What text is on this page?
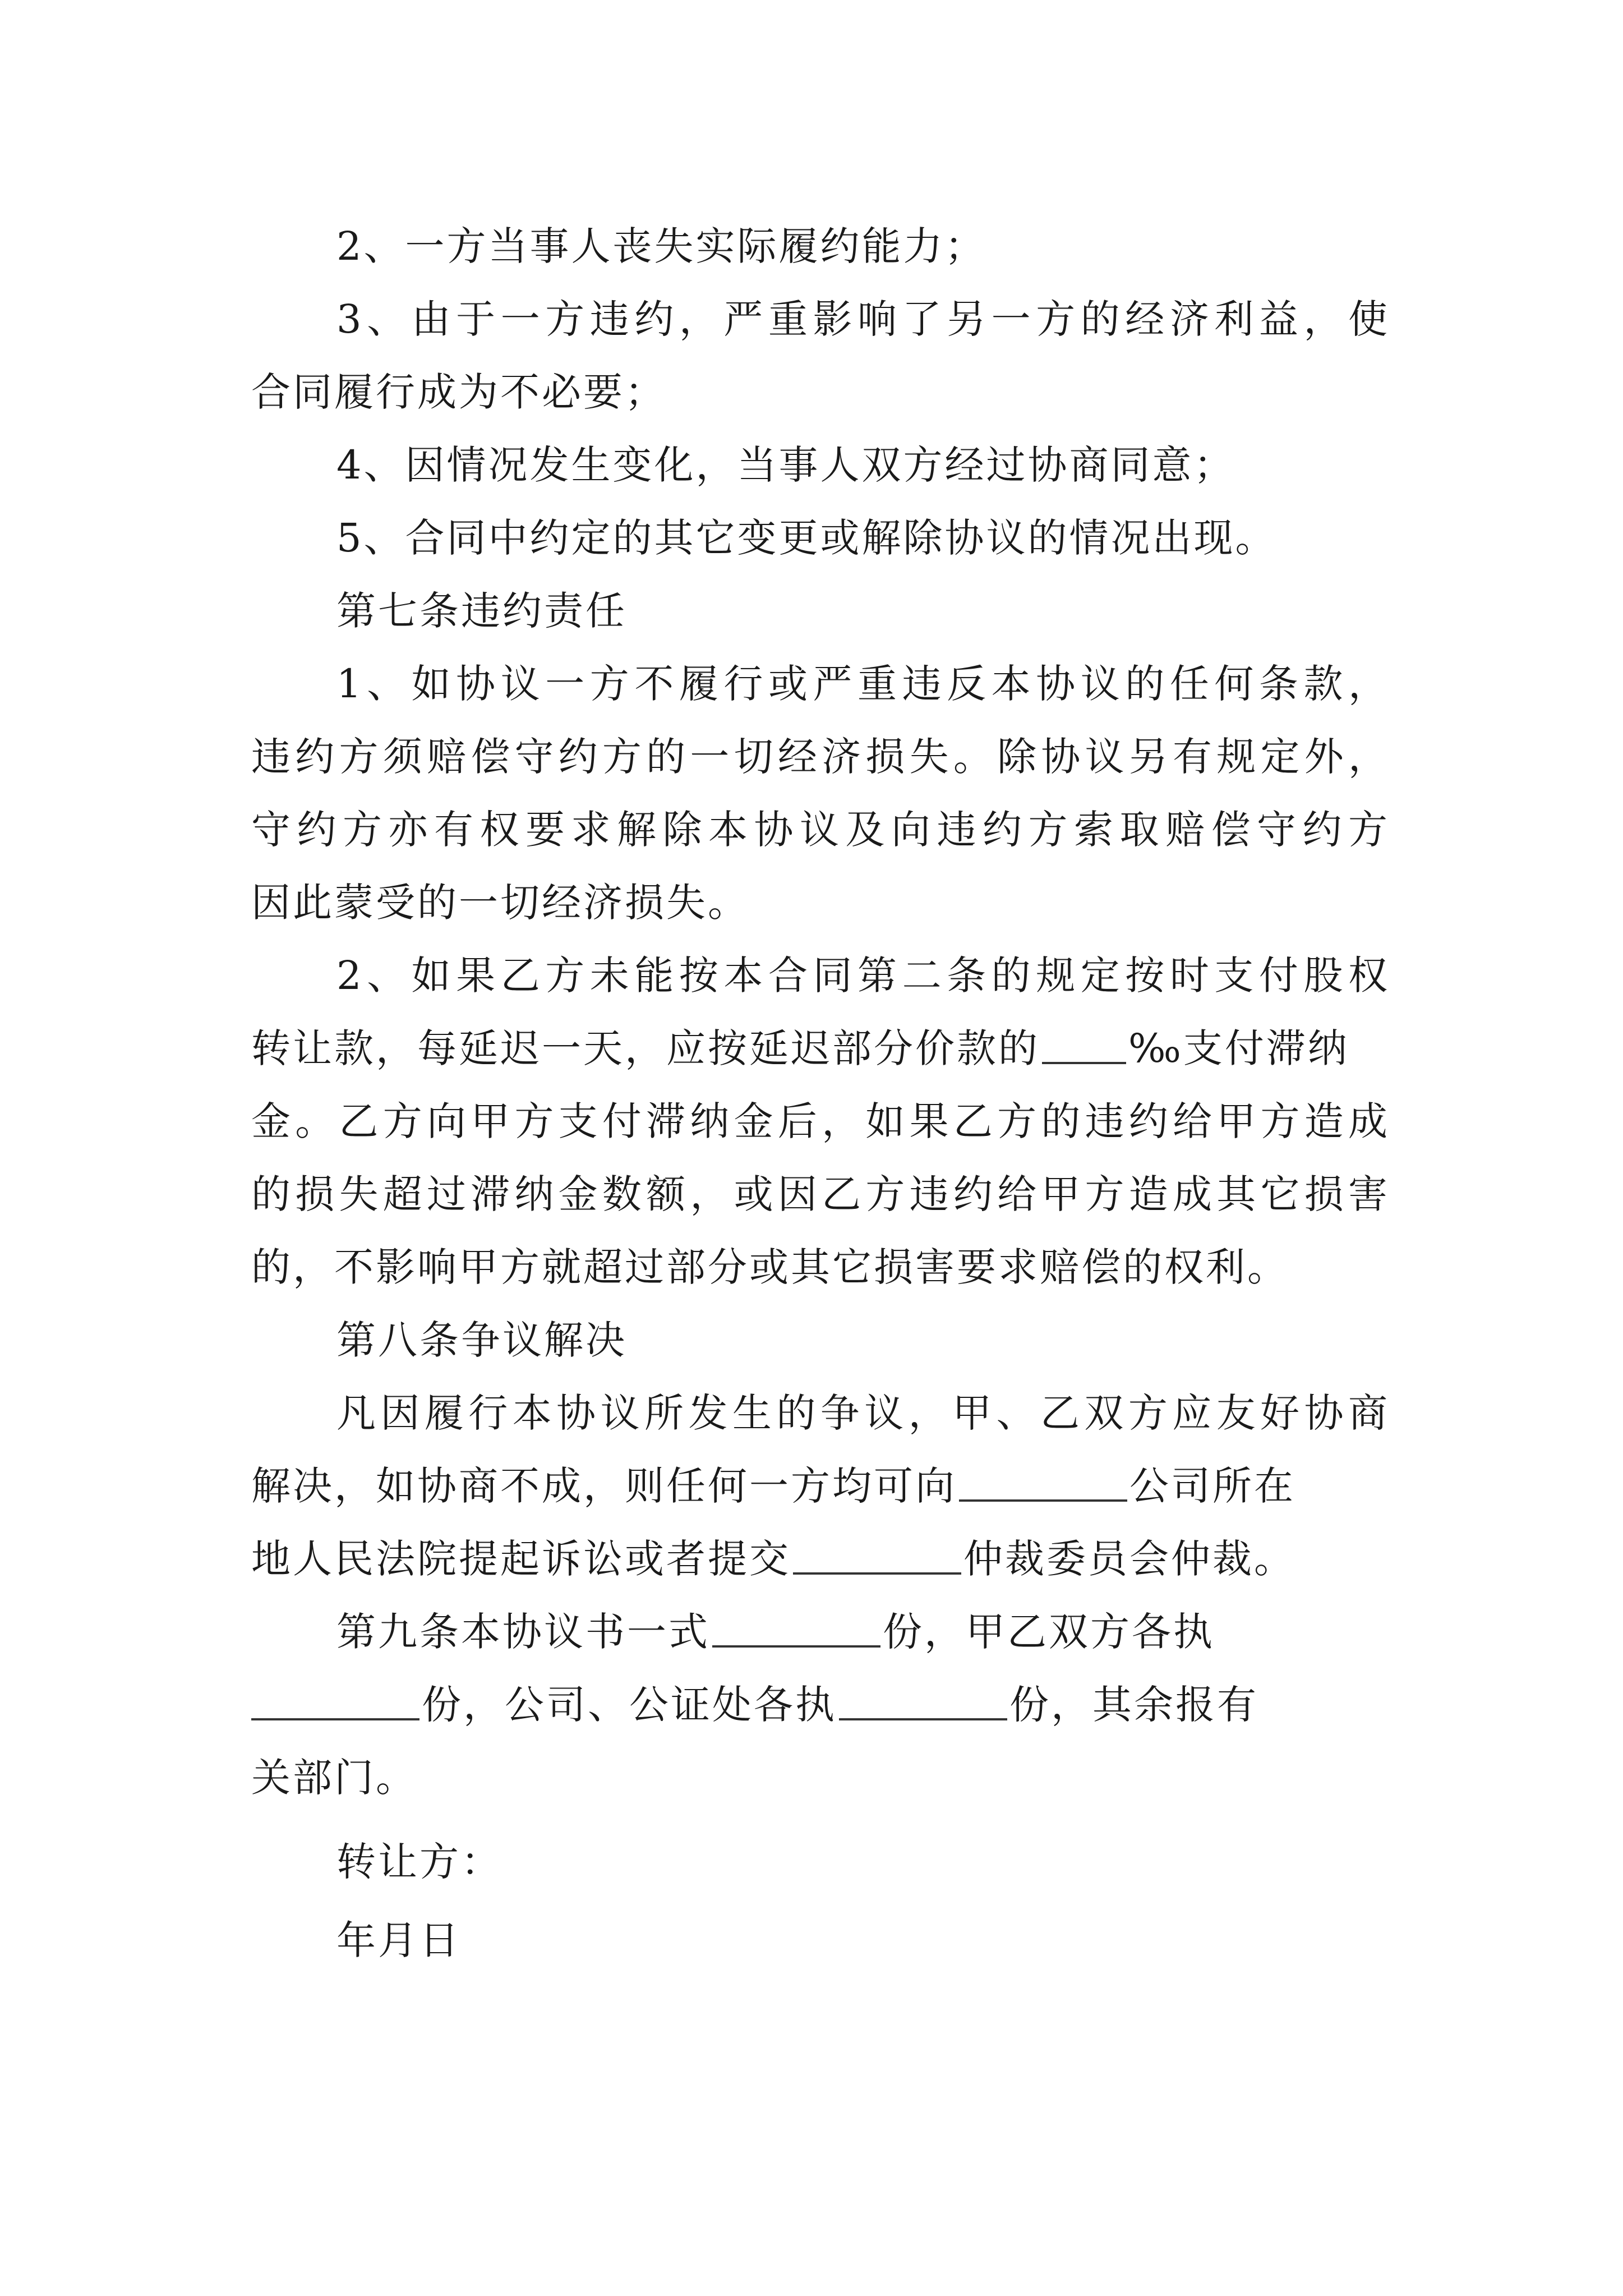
2、一方当事人丧失实际履约能力；
3、由于一方违约，严重影响了另一方的经济利益，使
合同履行成为不必要；
4、因情况发生变化，当事人双方经过协商同意；
5、合同中约定的其它变更或解除协议的情况出现。
第七条违约责任
1、如协议一方不履行或严重违反本协议的任何条款，
违约方须赔偿守约方的一切经济损失。除协议另有规定外，
守约方亦有权要求解除本协议及向违约方索取赔偿守约方
因此蒙受的一切经济损失。
2、如果乙方未能按本合同第二条的规定按时支付股权
转让款，每延迟一天，应按延迟部分价款的 ‰支付滞纳
金。乙方向甲方支付滞纳金后，如果乙方的违约给甲方造成
的损失超过滞纳金数额，或因乙方违约给甲方造成其它损害
的，不影响甲方就超过部分或其它损害要求赔偿的权利。
第八条争议解决
凡因履行本协议所发生的争议，甲、乙双方应友好协商
解决，如协商不成，则任何一方均可向	公司所在
地人民法院提起诉讼或者提交	仲裁委员会仲裁。
第九条本协议书一式	份，甲乙双方各执
份，公司、公证处各执	份，其余报有
关部门。
转让方：
年月日
